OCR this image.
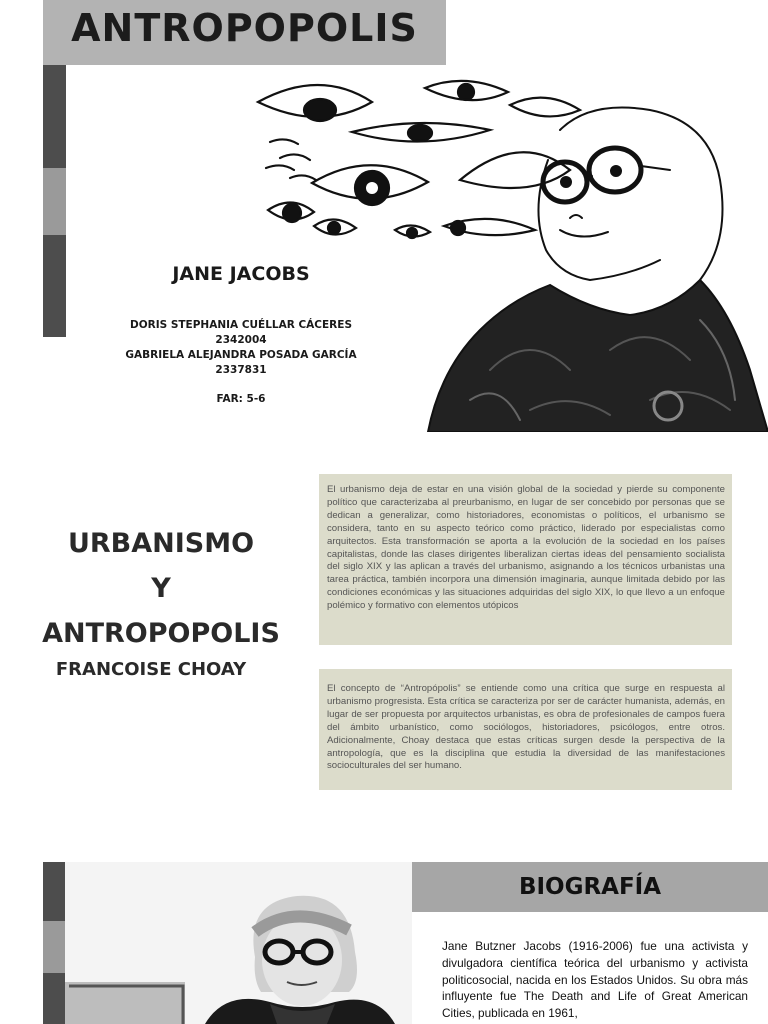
ANTROPOPOLIS
JANE JACOBS
DORIS STEPHANIA CUÉLLAR CÁCERES
2342004
GABRIELA ALEJANDRA POSADA GARCÍA
2337831
FAR: 5-6
URBANISMO
Y
ANTROPOPOLIS
FRANCOISE CHOAY

El urbanismo deja de estar en una visión global de la sociedad y pierde su componente político que caracterizaba al preurbanismo, en lugar de ser concebido por personas que se dedican a generalizar, como historiadores, economistas o políticos, el urbanismo se considera, tanto en su aspecto teórico como práctico, liderado por especialistas como arquitectos. Esta transformación se aporta a la evolución de la sociedad en los países capitalistas, donde las clases dirigentes liberalizan ciertas ideas del pensamiento socialista del siglo XIX y las aplican a través del urbanismo, asignando a los técnicos urbanistas una tarea práctica, también incorpora una dimensión imaginaria, aunque limitada debido por las condiciones económicas y las situaciones adquiridas del siglo XIX, lo que llevo a un enfoque polémico y formativo con elementos utópicos

El concepto de “Antropópolis” se entiende como una crítica que surge en respuesta al urbanismo progresista. Esta crítica se caracteriza por ser de carácter humanista, además, en lugar de ser propuesta por arquitectos urbanistas, es obra de profesionales de campos fuera del ámbito urbanístico, como sociólogos, historiadores, psicólogos, entre otros. Adicionalmente, Choay destaca que estas críticas surgen desde la perspectiva de la antropología, que es la disciplina que estudia la diversidad de las manifestaciones socioculturales del ser humano.

BIOGRAFÍA

Jane Butzner Jacobs (1916-2006) fue una activista y divulgadora científica teórica del urbanismo y activista politicosocial, nacida en los Estados Unidos. Su obra más influyente fue The Death and Life of Great American Cities, publicada en 1961,
